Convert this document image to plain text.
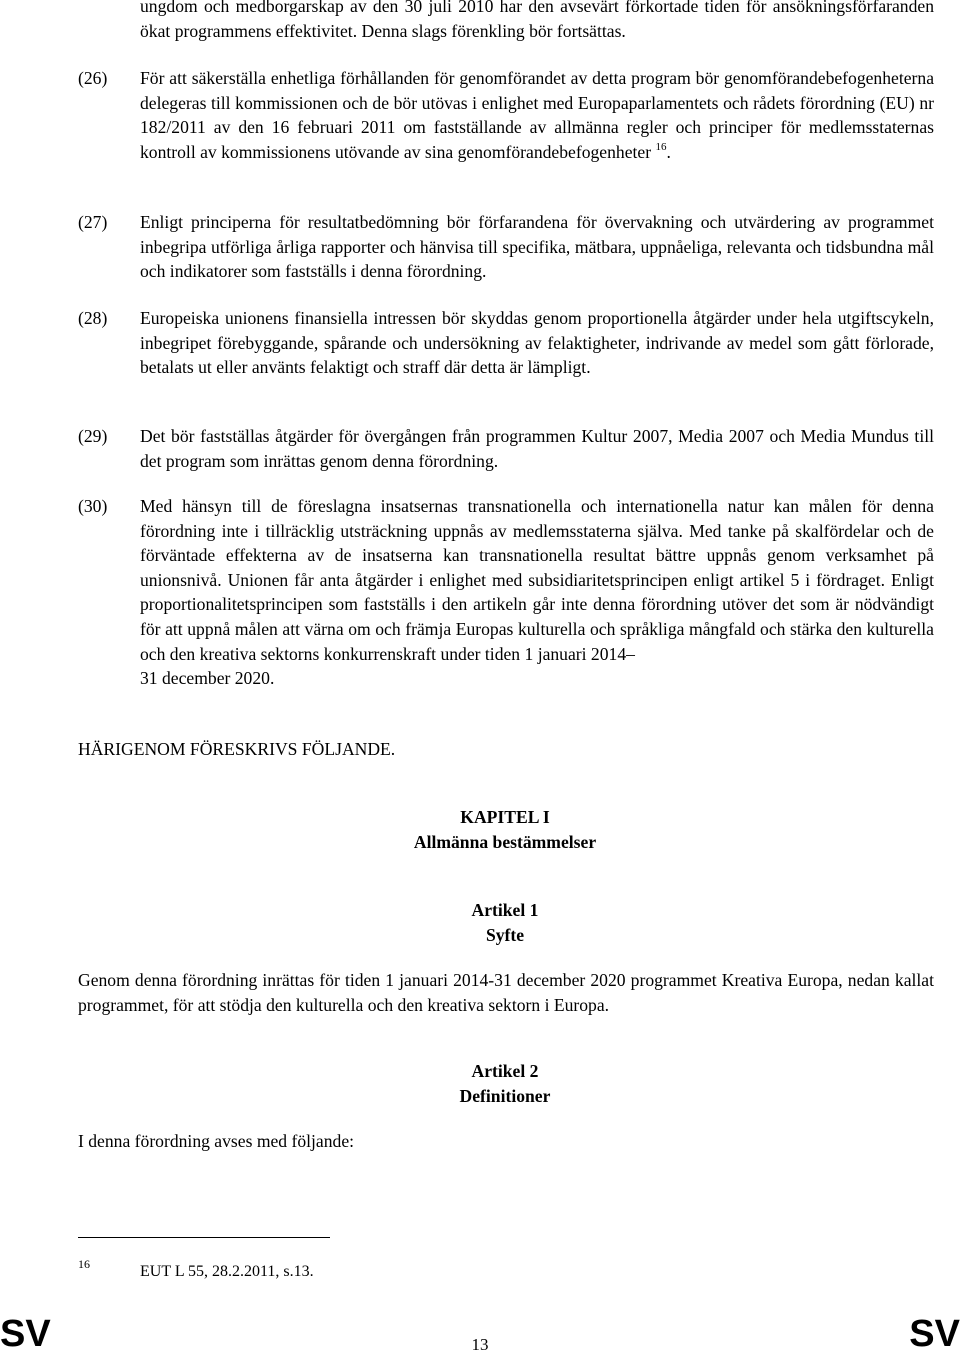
ungdom och medborgarskap av den 30 juli 2010 har den avsevärt förkortade tiden för ansökningsförfaranden ökat programmens effektivitet. Denna slags förenkling bör fortsättas.

(26) För att säkerställa enhetliga förhållanden för genomförandet av detta program bör genomförandebefogenheterna delegeras till kommissionen och de bör utövas i enlighet med Europaparlamentets och rådets förordning (EU) nr 182/2011 av den 16 februari 2011 om fastställande av allmänna regler och principer för medlemsstaternas kontroll av kommissionens utövande av sina genomförandebefogenheter $^{16}$.

(27) Enligt principerna för resultatbedömning bör förfarandena för övervakning och utvärdering av programmet inbegripa utförliga årliga rapporter och hänvisa till specifika, mätbara, uppnåeliga, relevanta och tidsbundna mål och indikatorer som fastställs i denna förordning.

(28) Europeiska unionens finansiella intressen bör skyddas genom proportionella åtgärder under hela utgiftscykeln, inbegripet förebyggande, spårande och undersökning av felaktigheter, indrivande av medel som gått förlorade, betalats ut eller använts felaktigt och straff där detta är lämpligt.

(29) Det bör fastställas åtgärder för övergången från programmen Kultur 2007, Media 2007 och Media Mundus till det program som inrättas genom denna förordning.

(30) Med hänsyn till de föreslagna insatsernas transnationella och internationella natur kan målen för denna förordning inte i tillräcklig utsträckning uppnås av medlemsstaterna själva. Med tanke på skalfördelar och de förväntade effekterna av de insatserna kan transnationella resultat bättre uppnås genom verksamhet på unionsnivå. Unionen får anta åtgärder i enlighet med subsidiaritetsprincipen enligt artikel 5 i fördraget. Enligt proportionalitetsprincipen som fastställs i den artikeln går inte denna förordning utöver det som är nödvändigt för att uppnå målen att värna om och främja Europas kulturella och språkliga mångfald och stärka den kulturella och den kreativa sektorns konkurrenskraft under tiden 1 januari 2014–

31 december 2020.

HÄRIGENOM FÖRESKRIVS FÖLJANDE.

KAPITEL I
Allmänna bestämmelser
Artikel 1
Syfte

Genom denna förordning inrättas för tiden 1 januari 2014-31 december 2020 programmet Kreativa Europa, nedan kallat programmet, för att stödja den kulturella och den kreativa sektorn i Europa.

Artikel 2
Definitioner

I denna förordning avses med följande:

16	EUT L 55, 28.2.2011, s.13.
SV	13	SV
